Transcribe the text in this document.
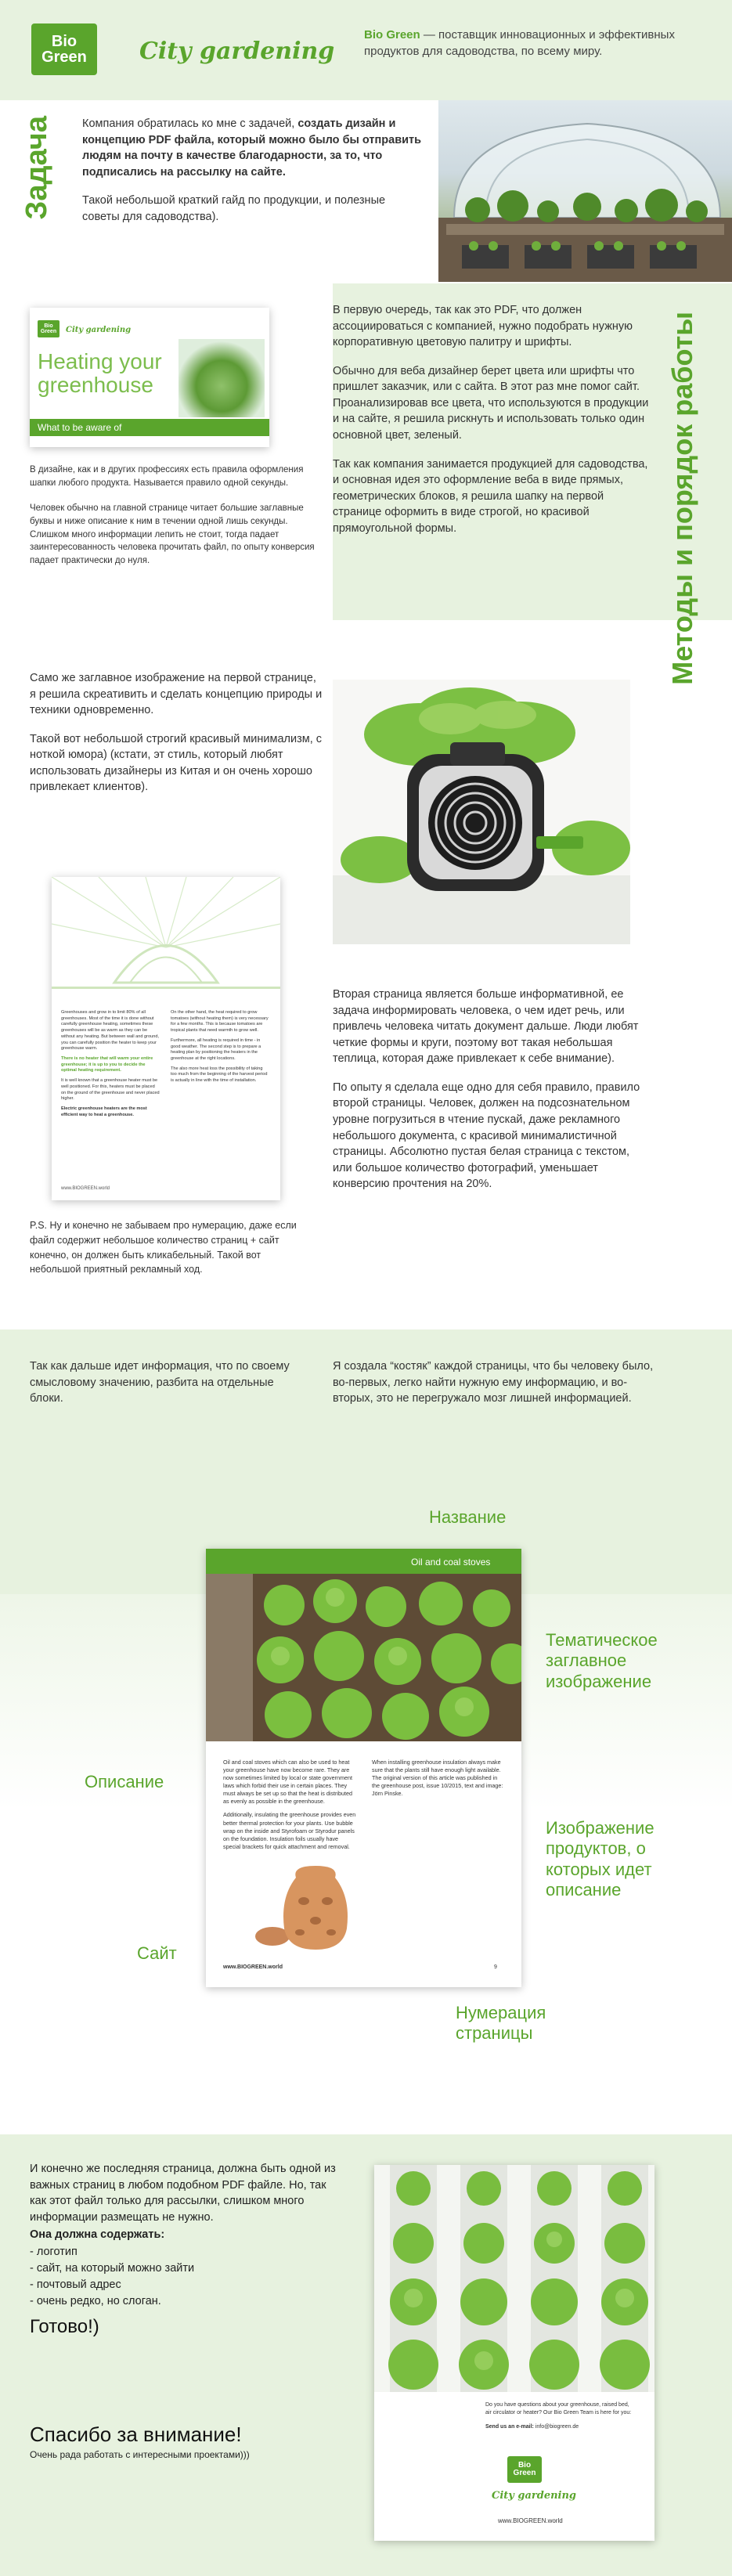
Bio
Green City gardening
Bio Green — поставщик инновационных и эффективных продуктов для садоводства, по всему миру.
Задача	Компания обратилась ко мне с задачей, создать дизайн и концепцию PDF файла, который можно было бы отправить людям на почту в качестве благодарности, за то, что подписались на рассылку на сайте.

Такой небольшой краткий гайд по продукции, и полезные советы для садоводства).

Методы и порядок работы
Bio
Green City gardening
Heating your greenhouse
What to be aware of

В дизайне, как и в других профессиях есть правила оформления шапки любого продукта. Называется правило одной секунды.

Человек обычно на главной странице читает большие заглавные буквы и ниже описание к ним в течении одной лишь секунды. Слишком много информации лепить не стоит, тогда падает заинтересованность человека прочитать файл, по опыту конверсия падает практически до нуля.

В первую очередь, так как это PDF, что должен ассоциироваться с компанией, нужно подобрать нужную корпоративную цветовую палитру и шрифты.

Обычно для веба дизайнер берет цвета или шрифты что пришлет заказчик, или с сайта. В этот раз мне помог сайт. Проанализировав все цвета, что используются в продукции и на сайте, я решила рискнуть и использовать только один основной цвет, зеленый.

Так как компания занимается продукцией для садоводства, и основная идея это оформление веба в виде прямых, геометрических блоков, я решила шапку на первой странице оформить в виде строгой, но красивой прямоугольной формы.

Само же заглавное изображение на первой странице, я решила скреативить и сделать концепцию природы и техники одновременно.

Такой вот небольшой строгий красивый минимализм, с ноткой юмора) (кстати, эт стиль, который любят использовать дизайнеры из Китая и он очень хорошо привлекает клиентов).

Greenhouses and grow in to limit 80% of all greenhouses. Most of the time it is done without carefully greenhouse heating, sometimes these greenhouses will be as warm as they can be without any heating. But between wall and ground, you can carefully position the heater to keep your greenhouse warm.

There is no heater that will warm your entire greenhouse; it is up to you to decide the optimal heating requirement.

It is well known that a greenhouse heater must be well positioned. For this, heaters must be placed on the ground of the greenhouse and never placed higher.

Electric greenhouse heaters are the most efficient way to heat a greenhouse.

On the other hand, the heat required to grow tomatoes (without heating them) is very necessary for a few months. This is because tomatoes are tropical plants that need warmth to grow well.

Furthermore, all heating is required in time - in good weather. The second step is to prepare a heating plan by positioning the heaters in the greenhouse at the right locations.

The also more heat loss the possibility of taking too much from the beginning of the harvest period is actually in line with the time of installation.

www.BIOGREEN.world

Вторая страница является больше информативной, ее задача информировать человека, о чем идет речь, или привлечь человека читать документ дальше. Люди любят четкие формы и круги, поэтому вот такая небольшая теплица, которая даже привлекает к себе внимание).

По опыту я сделала еще одно для себя правило, правило второй страницы. Человек, должен на подсознательном уровне погрузиться в чтение пускай, даже рекламного небольшого документа, с красивой минималистичной страницы. Абсолютно пустая белая страница с текстом, или большое количество фотографий, уменьшает конверсию прочтения на 20%.

P.S. Ну и конечно не забываем про нумерацию, даже если файл содержит небольшое количество страниц + сайт конечно, он должен быть кликабельный. Такой вот небольшой приятный рекламный ход.
Так как дальше идет информация, что по своему смысловому значению, разбита на отдельные блоки.
Я создала “костяк” каждой страницы, что бы человеку было, во-первых, легко найти нужную ему информацию, и во-вторых, это не перегружало мозг лишней информацией.
Название
Тематическое заглавное изображение
Описание
Изображение продуктов, о которых идет описание
Сайт
Нумерация страницы
Oil and coal stoves

Oil and coal stoves which can also be used to heat your greenhouse have now become rare. They are now sometimes limited by local or state government laws which forbid their use in certain places. They must always be set up so that the heat is distributed as evenly as possible in the greenhouse.

Additionally, insulating the greenhouse provides even better thermal protection for your plants. Use bubble wrap on the inside and Styrofoam or Styrodur panels on the foundation. Insulation foils usually have special brackets for quick attachment and removal.

When installing greenhouse insulation always make sure that the plants still have enough light available. The original version of this article was published in the greenhouse post, issue 10/2015, text and image: Jörn Pinske.

www.BIOGREEN.world	9
И конечно же последняя страница, должна быть одной из важных страниц в любом подобном PDF файле. Но, так как этот файл только для рассылки, слишком много информации размещать не нужно.
Она должна содержать:
- логотип
- сайт, на который можно зайти
- почтовый адрес
- очень редко, но слоган.
Готово!)
Спасибо за внимание!
Очень рада работать с интересными проектами)))
Do you have questions about your greenhouse, raised bed, air circulator or heater? Our Bio Green Team is here for you:
Send us an e-mail: info@biogreen.de
Bio
Green
City gardening
www.BIOGREEN.world
